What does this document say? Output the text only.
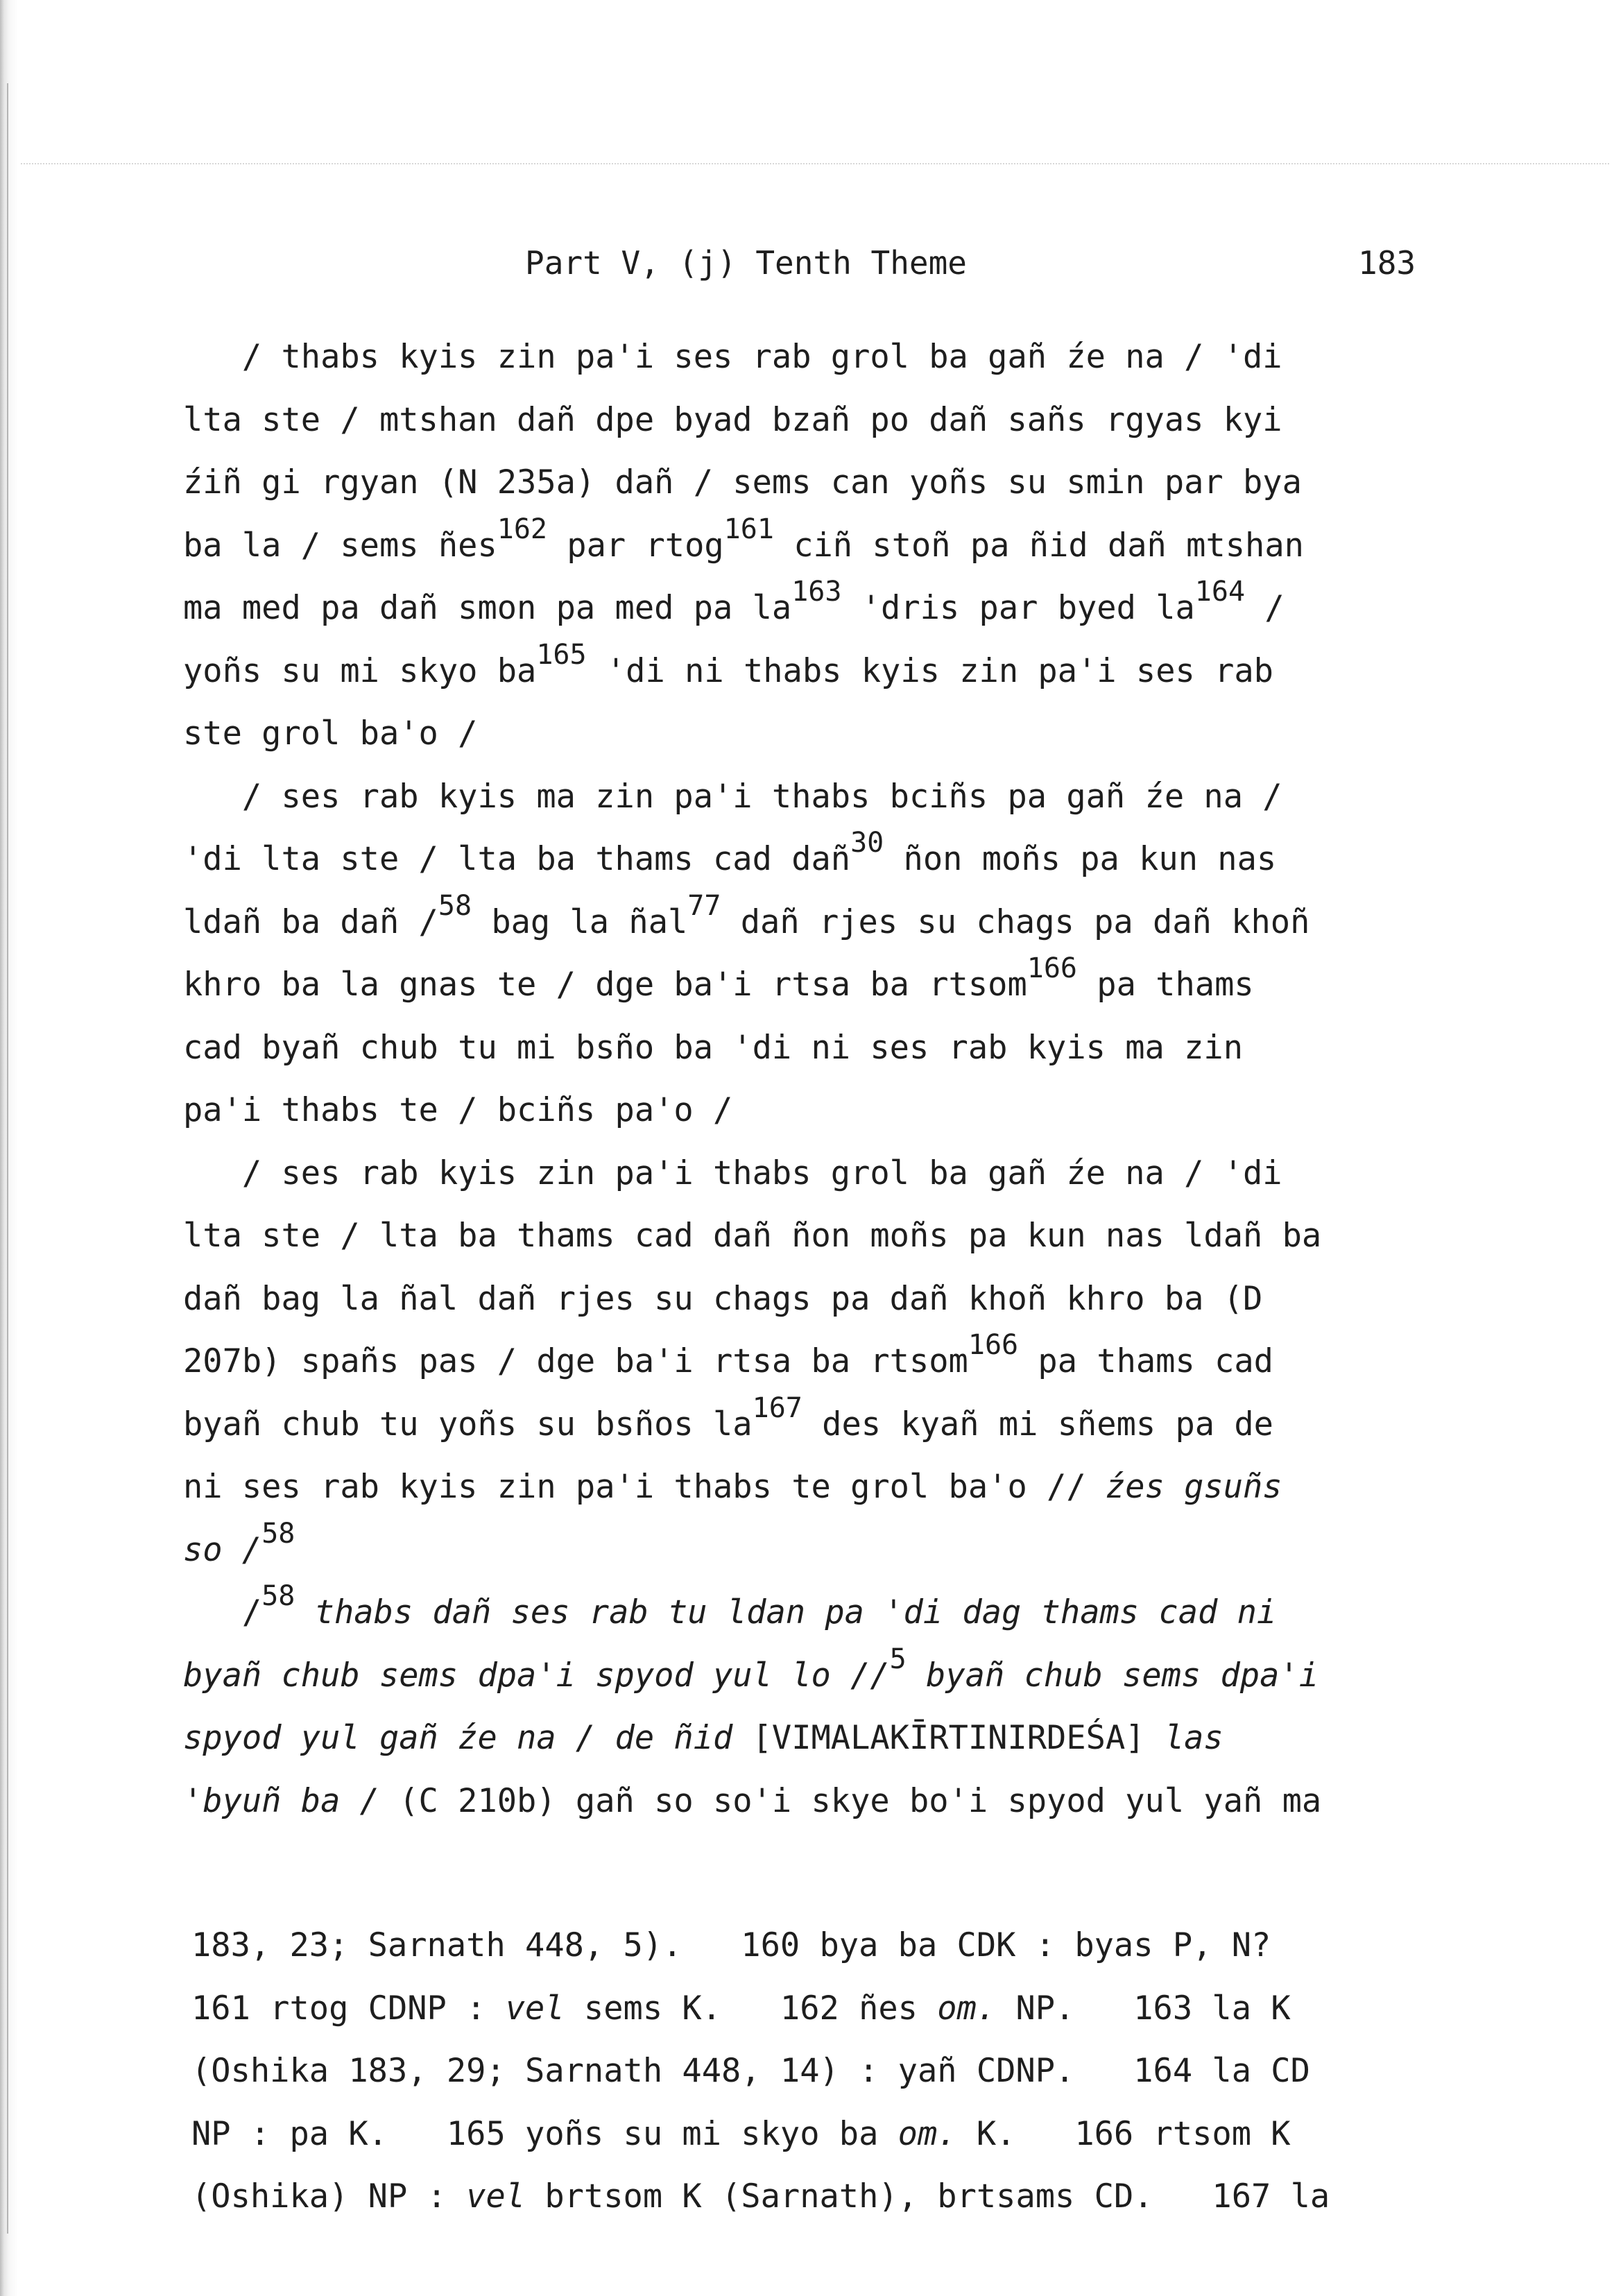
Part V, (j) Tenth Theme	183
/ thabs kyis zin pa'i ses rab grol ba gañ źe na / 'di
lta ste / mtshan dañ dpe byad bzañ po dañ sañs rgyas kyi
źiñ gi rgyan (N 235a) dañ / sems can yoñs su smin par bya
ba la / sems ñes162 par rtog161 ciñ stoñ pa ñid dañ mtshan
ma med pa dañ smon pa med pa la163 'dris par byed la164 /
yoñs su mi skyo ba165 'di ni thabs kyis zin pa'i ses rab
ste grol ba'o /
/ ses rab kyis ma zin pa'i thabs bciñs pa gañ źe na /
'di lta ste / lta ba thams cad dañ30 ñon moñs pa kun nas
ldañ ba dañ /58 bag la ñal77 dañ rjes su chags pa dañ khoñ
khro ba la gnas te / dge ba'i rtsa ba rtsom166 pa thams
cad byañ chub tu mi bsño ba 'di ni ses rab kyis ma zin
pa'i thabs te / bciñs pa'o /
/ ses rab kyis zin pa'i thabs grol ba gañ źe na / 'di
lta ste / lta ba thams cad dañ ñon moñs pa kun nas ldañ ba
dañ bag la ñal dañ rjes su chags pa dañ khoñ khro ba (D
207b) spañs pas / dge ba'i rtsa ba rtsom166 pa thams cad
byañ chub tu yoñs su bsños la167 des kyañ mi sñems pa de
ni ses rab kyis zin pa'i thabs te grol ba'o // źes gsuñs
so /58
/58 thabs dañ ses rab tu ldan pa 'di dag thams cad ni
byañ chub sems dpa'i spyod yul lo //5 byañ chub sems dpa'i
spyod yul gañ źe na / de ñid [VIMALAKĪRTINIRDEŚA] las
'byuñ ba / (C 210b) gañ so so'i skye bo'i spyod yul yañ ma
183, 23; Sarnath 448, 5).   160 bya ba CDK : byas P, N?
161 rtog CDNP : vel sems K.   162 ñes om. NP.   163 la K
(Oshika 183, 29; Sarnath 448, 14) : yañ CDNP.   164 la CD
NP : pa K.   165 yoñs su mi skyo ba om. K.   166 rtsom K
(Oshika) NP : vel brtsom K (Sarnath), brtsams CD.   167 la
